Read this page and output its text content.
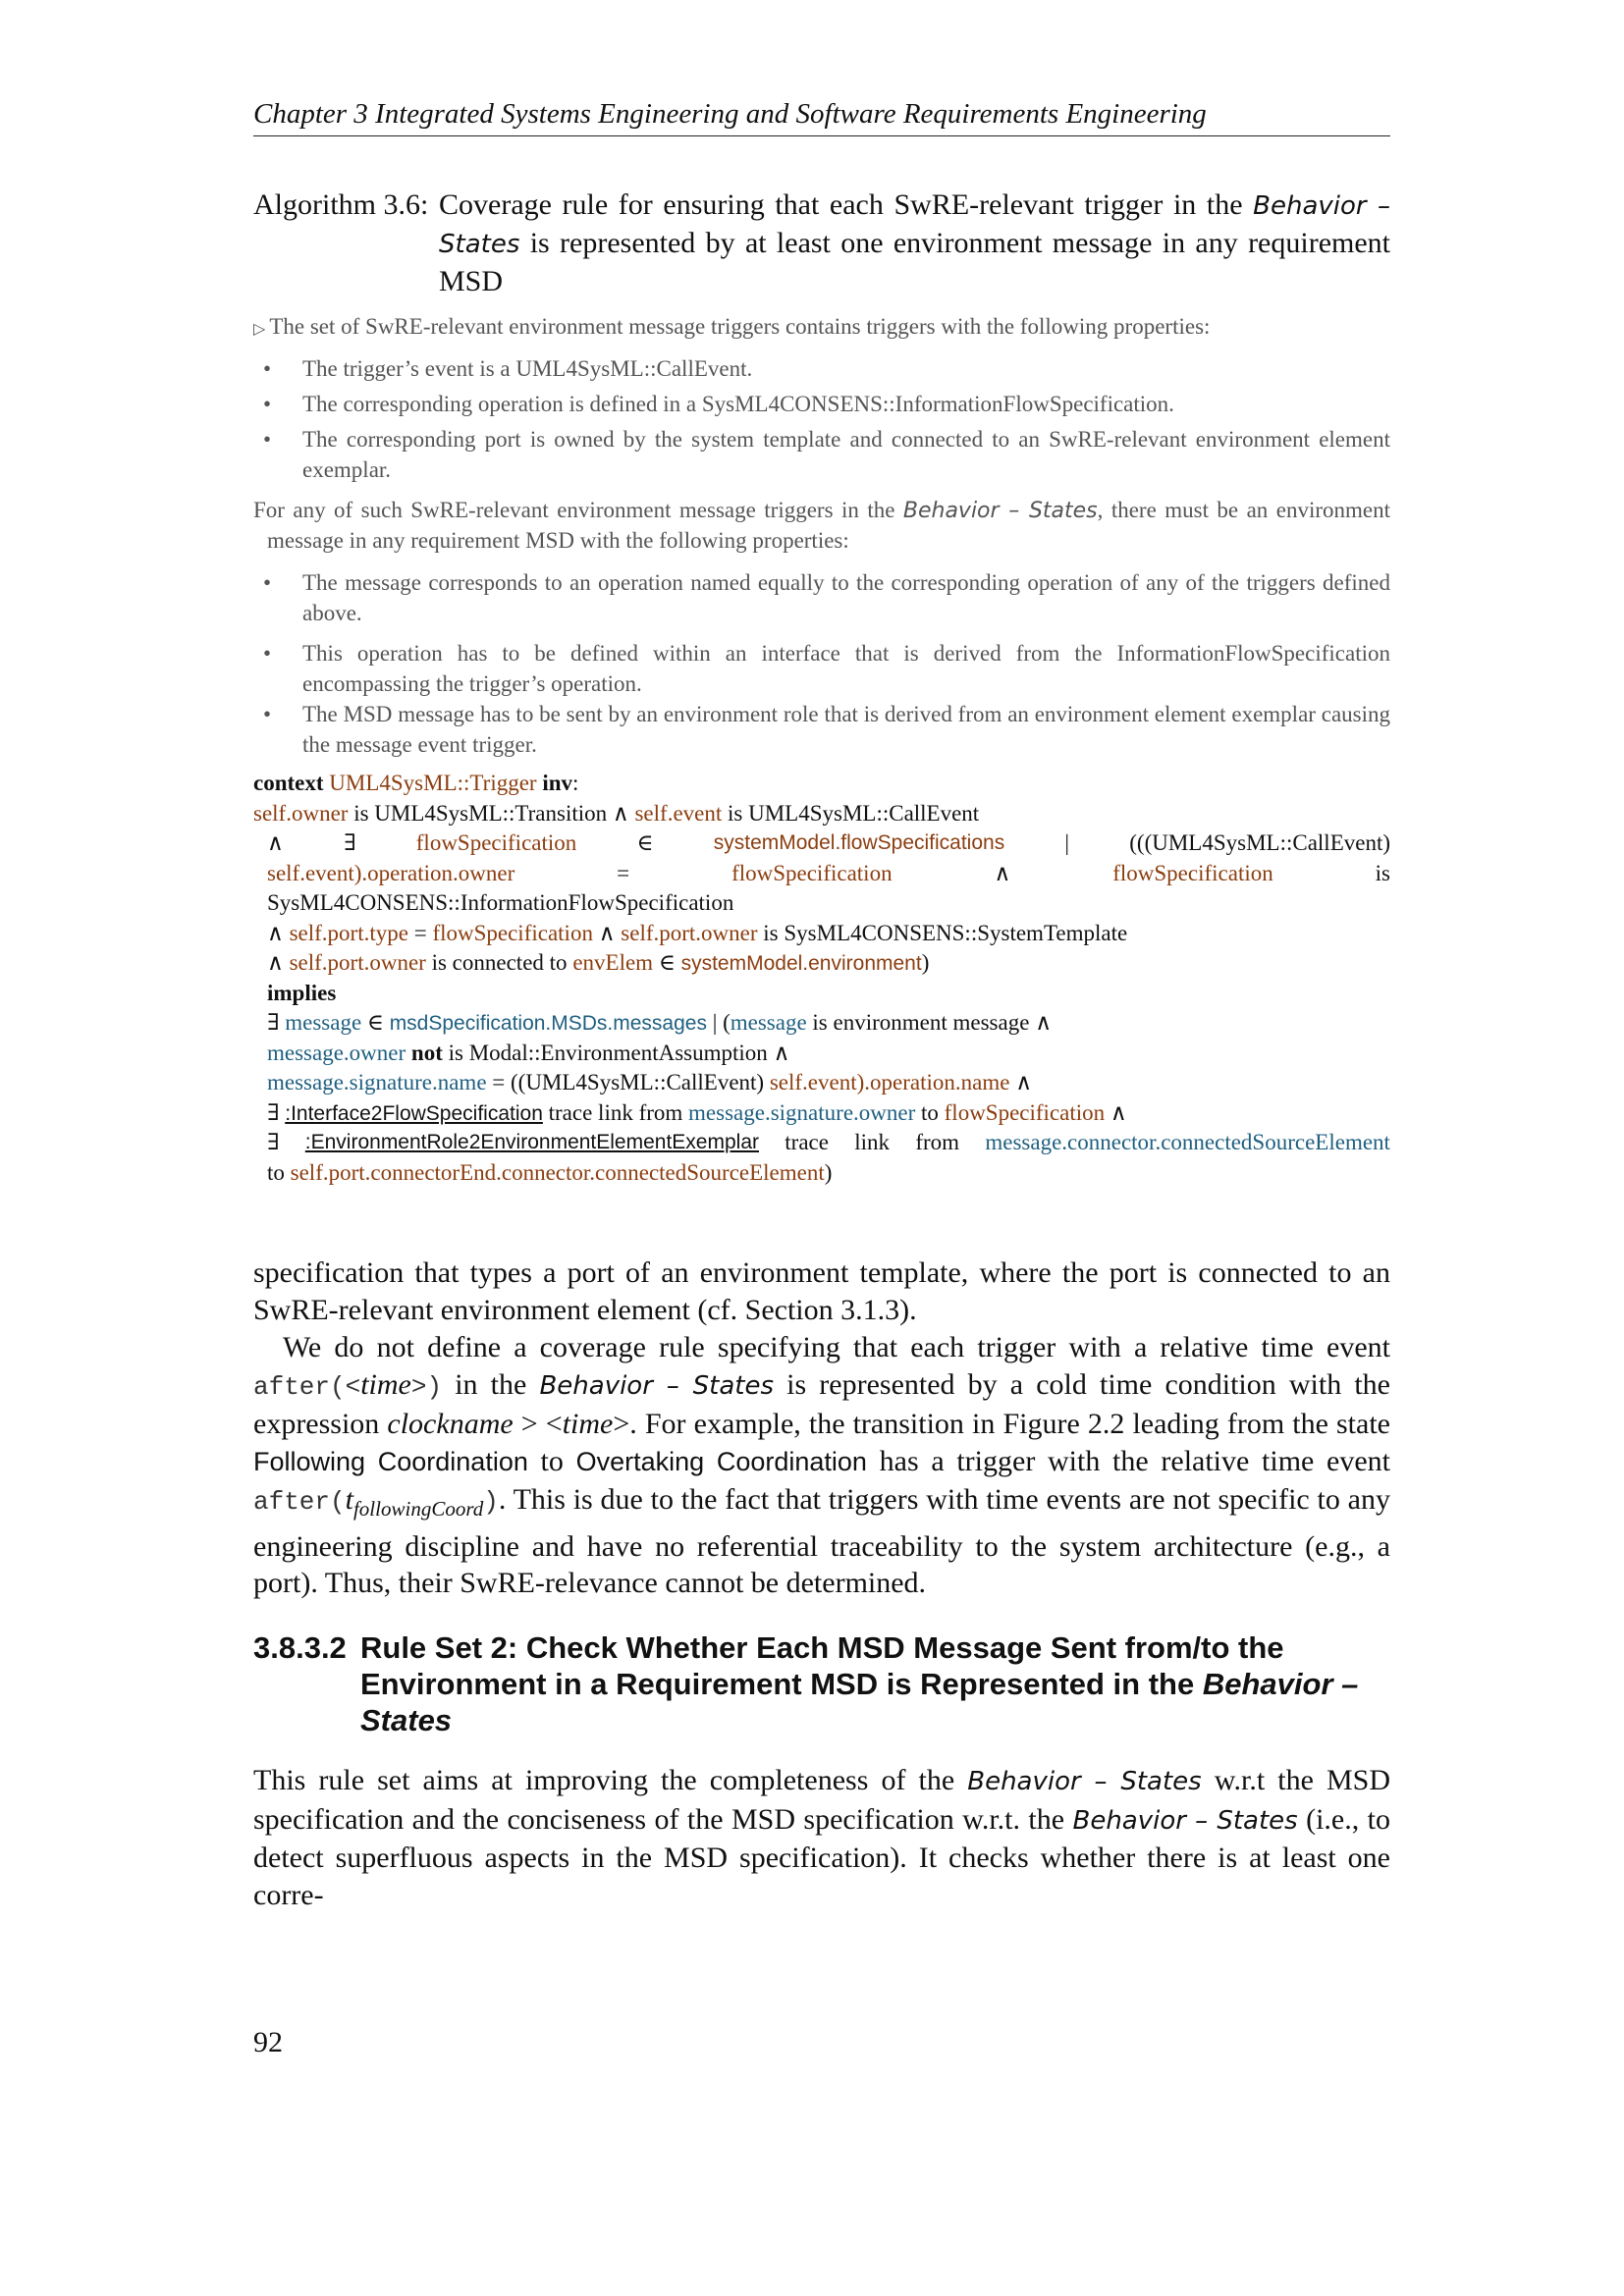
Chapter 3 Integrated Systems Engineering and Software Requirements Engineering
Algorithm 3.6: Coverage rule for ensuring that each SwRE-relevant trigger in the Behavior – States is represented by at least one environment message in any requirement MSD
▷ The set of SwRE-relevant environment message triggers contains triggers with the following properties:
• The trigger’s event is a UML4SysML::CallEvent.
• The corresponding operation is defined in a SysML4CONSENS::InformationFlowSpecification.
• The corresponding port is owned by the system template and connected to an SwRE-relevant environment element exemplar.
For any of such SwRE-relevant environment message triggers in the Behavior – States, there must be an environment message in any requirement MSD with the following properties:
• The message corresponds to an operation named equally to the corresponding operation of any of the triggers defined above.
• This operation has to be defined within an interface that is derived from the InformationFlowSpecification encompassing the trigger’s operation.
• The MSD message has to be sent by an environment role that is derived from an environment element exemplar causing the message event trigger.
context UML4SysML::Trigger inv:
self.owner is UML4SysML::Transition ∧ self.event is UML4SysML::CallEvent
∧	∃	flowSpecification	∈	systemModel.flowSpecifications	|	(((UML4SysML::CallEvent)
self.event).operation.owner	=	flowSpecification	∧	flowSpecification	is
SysML4CONSENS::InformationFlowSpecification
∧ self.port.type = flowSpecification ∧ self.port.owner is SysML4CONSENS::SystemTemplate
∧ self.port.owner is connected to envElem ∈ systemModel.environment)
implies
∃ message ∈ msdSpecification.MSDs.messages | (message is environment message ∧
message.owner not is Modal::EnvironmentAssumption ∧
message.signature.name = ((UML4SysML::CallEvent) self.event).operation.name ∧
∃ :Interface2FlowSpecification trace link from message.signature.owner to flowSpecification ∧
∃ :EnvironmentRole2EnvironmentElementExemplar trace link from message.connector.connectedSourceElement
to self.port.connectorEnd.connector.connectedSourceElement)
specification that types a port of an environment template, where the port is connected to an SwRE-relevant environment element (cf. Section 3.1.3).
We do not define a coverage rule specifying that each trigger with a relative time event after(<time>) in the Behavior – States is represented by a cold time condition with the expression clockname > <time>. For example, the transition in Figure 2.2 leading from the state Following Coordination to Overtaking Coordination has a trigger with the relative time event $after(t_{followingCoord})$. This is due to the fact that triggers with time events are not specific to any engineering discipline and have no referential traceability to the system architecture (e.g., a port). Thus, their SwRE-relevance cannot be determined.
3.8.3.2 Rule Set 2: Check Whether Each MSD Message Sent from/to the Environment in a Requirement MSD is Represented in the Behavior – States
This rule set aims at improving the completeness of the Behavior – States w.r.t the MSD specification and the conciseness of the MSD specification w.r.t. the Behavior – States (i.e., to detect superfluous aspects in the MSD specification). It checks whether there is at least one corre-
92
